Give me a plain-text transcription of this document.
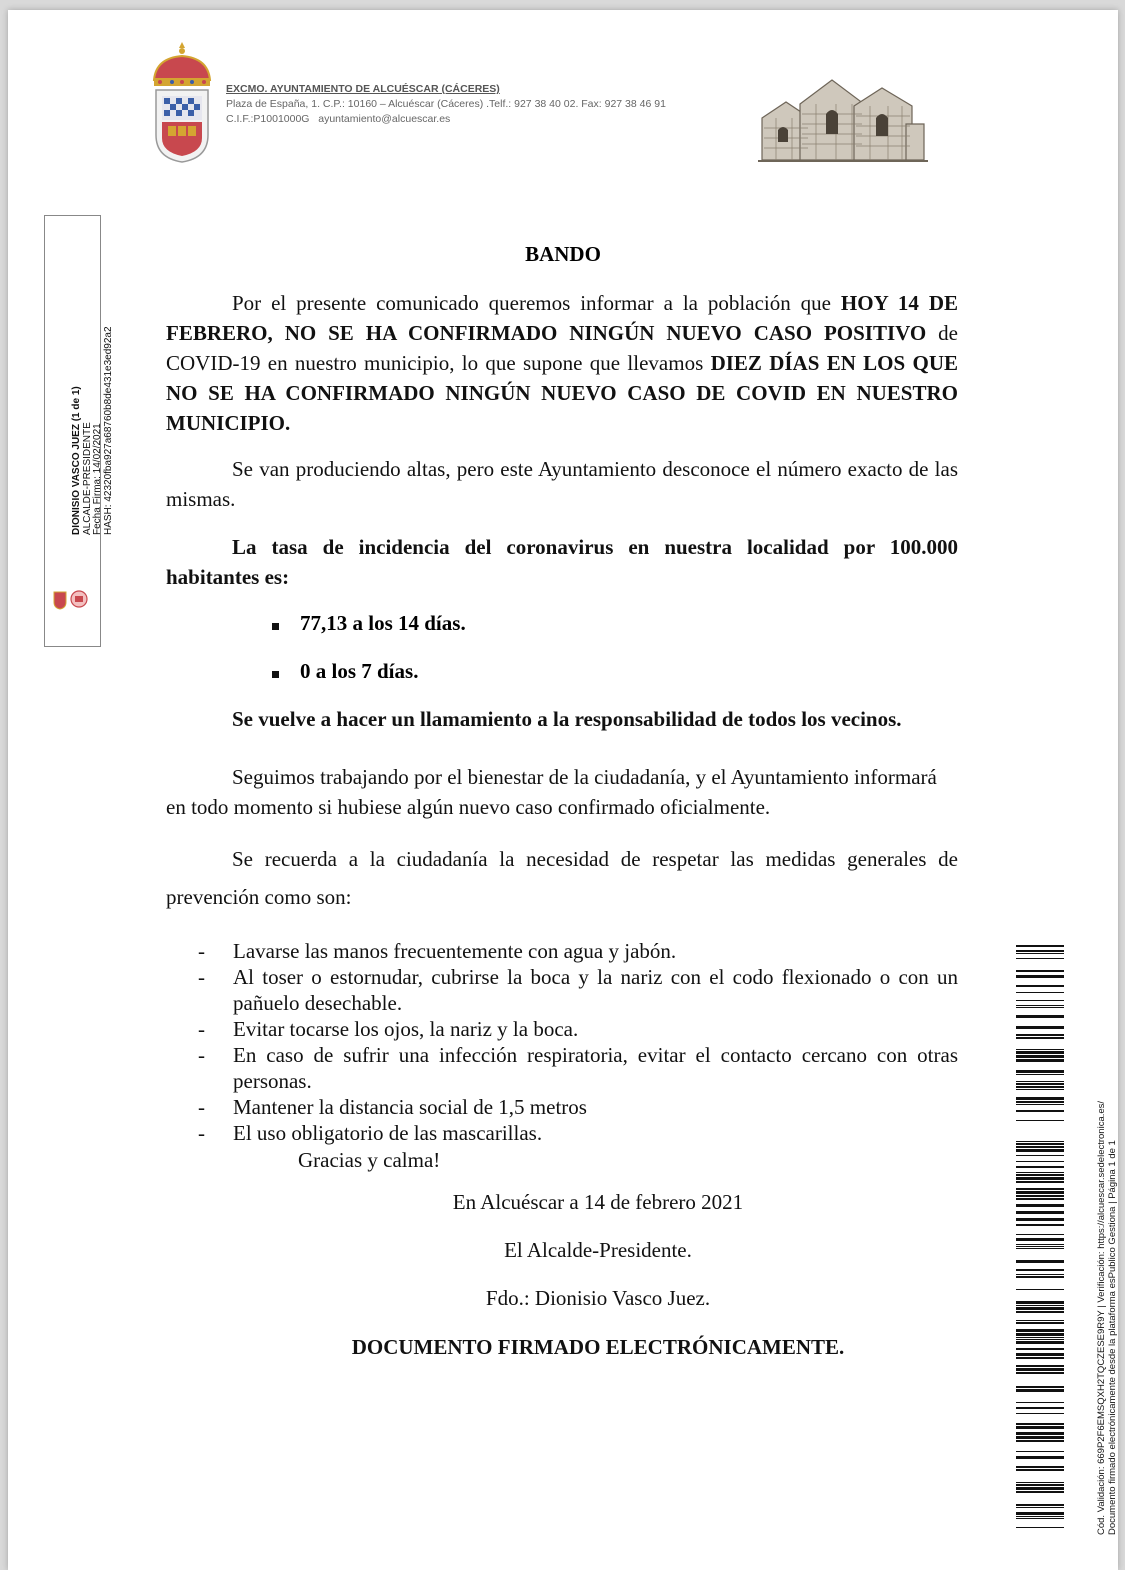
EXCMO. AYUNTAMIENTO DE ALCUÉSCAR (CÁCERES)
Plaza de España, 1. C.P.: 10160 – Alcuéscar (Cáceres) .Telf.: 927 38 40 02. Fax: 927 38 46 91
C.I.F.:P1001000G ayuntamiento@alcuescar.es
DIONISIO VASCO JUEZ (1 de 1) ALCALDE-PRESIDENTE Fecha Firma: 14/02/2021 HASH: 42320fba927a68760b8de431e3ed92a2
BANDO

Por el presente comunicado queremos informar a la población que HOY 14 DE FEBRERO, NO SE HA CONFIRMADO NINGÚN NUEVO CASO POSITIVO de COVID-19 en nuestro municipio, lo que supone que llevamos DIEZ DÍAS EN LOS QUE NO SE HA CONFIRMADO NINGÚN NUEVO CASO DE COVID EN NUESTRO MUNICIPIO.

Se van produciendo altas, pero este Ayuntamiento desconoce el número exacto de las mismas.

La tasa de incidencia del coronavirus en nuestra localidad por 100.000 habitantes es:

77,13 a los 14 días.
0 a los 7 días.
Se vuelve a hacer un llamamiento a la responsabilidad de todos los vecinos.

Seguimos trabajando por el bienestar de la ciudadanía, y el Ayuntamiento informará en todo momento si hubiese algún nuevo caso confirmado oficialmente.

Se recuerda a la ciudadanía la necesidad de respetar las medidas generales de prevención como son:

- Lavarse las manos frecuentemente con agua y jabón.
- Al toser o estornudar, cubrirse la boca y la nariz con el codo flexionado o con un pañuelo desechable.
- Evitar tocarse los ojos, la nariz y la boca.
- En caso de sufrir una infección respiratoria, evitar el contacto cercano con otras personas.
- Mantener la distancia social de 1,5 metros
- El uso obligatorio de las mascarillas.
Gracias y calma!
En Alcuéscar a 14 de febrero 2021
El Alcalde-Presidente.
Fdo.: Dionisio Vasco Juez.
DOCUMENTO FIRMADO ELECTRÓNICAMENTE.	Cód. Validación: 669P2F6EMSQXH2TQCZESE9R9Y | Verificación: https://alcuescar.sedelectronica.es/ Documento firmado electrónicamente desde la plataforma esPublico Gestiona | Página 1 de 1
